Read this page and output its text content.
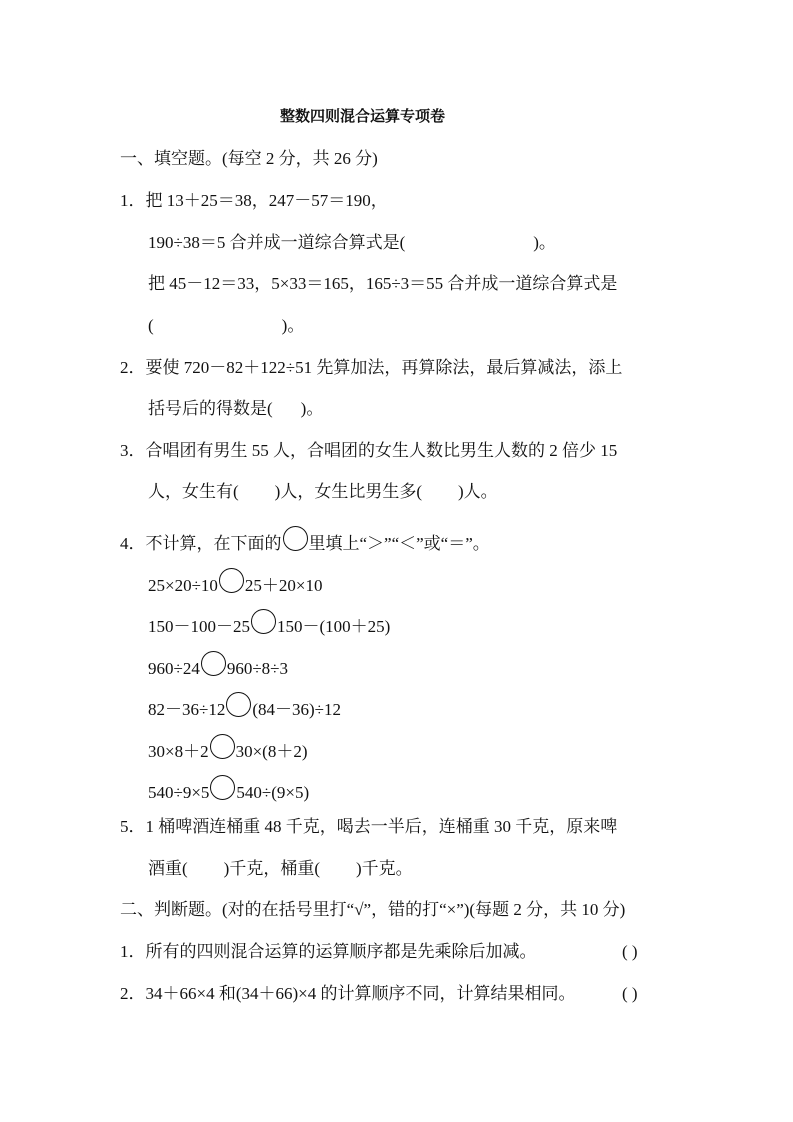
整数四则混合运算专项卷
一、填空题。(每空 2 分，共 26 分)
1．把 13＋25＝38，247－57＝190，
190÷38＝5 合并成一道综合算式是(	)。
把 45－12＝33，5×33＝165，165÷3＝55 合并成一道综合算式是
(	)。
2．要使 720－82＋122÷51 先算加法，再算除法，最后算减法，添上
括号后的得数是( )。
3．合唱团有男生 55 人，合唱团的女生人数比男生人数的 2 倍少 15
人，女生有( )人，女生比男生多( )人。
4．不计算，在下面的 里填上“＞”“＜”或“＝”。
25×20÷10 25＋20×10
150－100－25 150－(100＋25)
960÷24 960÷8÷3
82－36÷12 (84－36)÷12
30×8＋2 30×(8＋2)
540÷9×5 540÷(9×5)
5．1 桶啤酒连桶重 48 千克，喝去一半后，连桶重 30 千克，原来啤
酒重( )千克，桶重( )千克。
二、判断题。(对的在括号里打“√”，错的打“×”)(每题 2 分，共 10 分)
1．所有的四则混合运算的运算顺序都是先乘除后加减。	( )
2．34＋66×4 和(34＋66)×4 的计算顺序不同，计算结果相同。	( )
